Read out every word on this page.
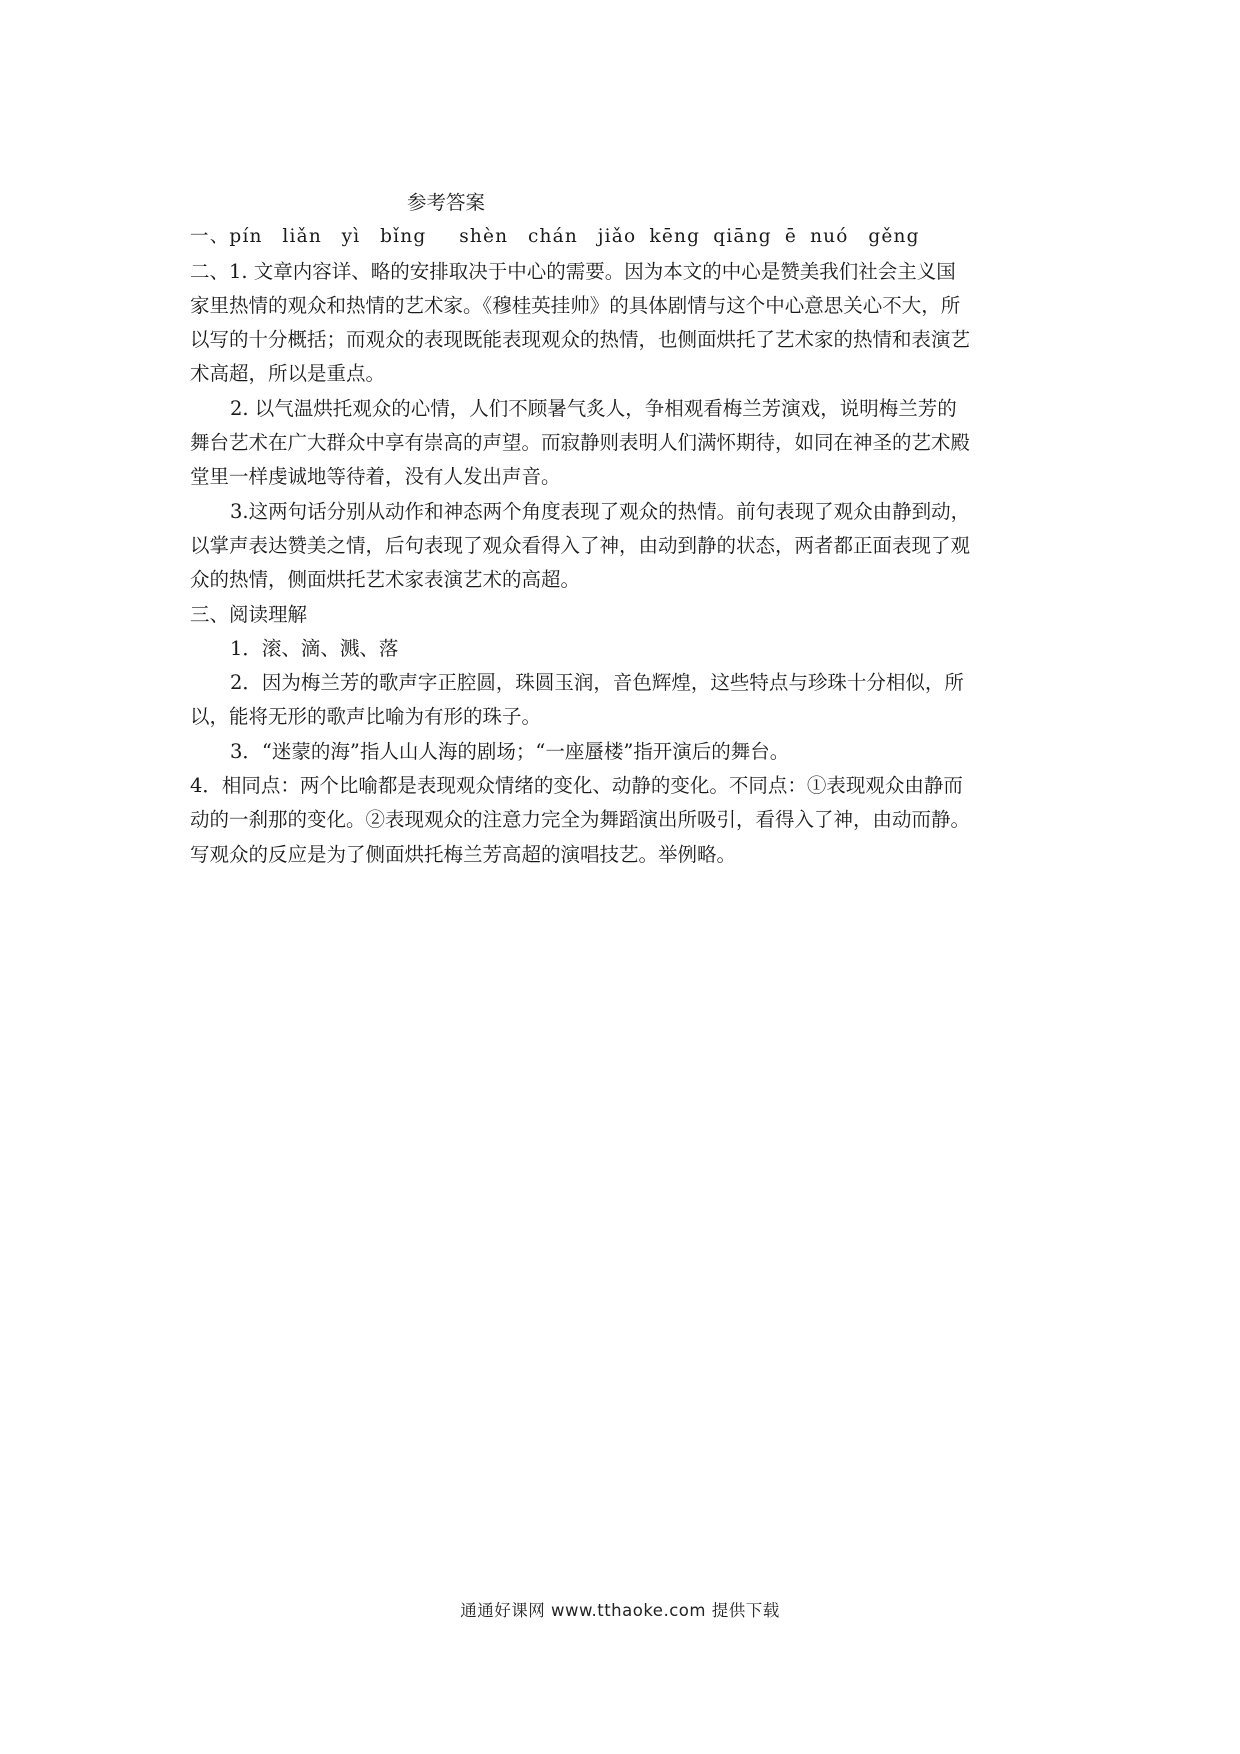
参考答案
一、pín　liǎn　yì　bǐng　 shèn　chán　jiǎo kēng qiāng ē nuó　gěng
二、1. 文章内容详、略的安排取决于中心的需要。因为本文的中心是赞美我们社会主义国
家里热情的观众和热情的艺术家。《穆桂英挂帅》的具体剧情与这个中心意思关心不大，所
以写的十分概括；而观众的表现既能表现观众的热情，也侧面烘托了艺术家的热情和表演艺
术高超，所以是重点。
2. 以气温烘托观众的心情，人们不顾暑气炙人，争相观看梅兰芳演戏，说明梅兰芳的
舞台艺术在广大群众中享有崇高的声望。而寂静则表明人们满怀期待，如同在神圣的艺术殿
堂里一样虔诚地等待着，没有人发出声音。
3.这两句话分别从动作和神态两个角度表现了观众的热情。前句表现了观众由静到动，
以掌声表达赞美之情，后句表现了观众看得入了神，由动到静的状态，两者都正面表现了观
众的热情，侧面烘托艺术家表演艺术的高超。
三、阅读理解
1．滚、滴、溅、落
2．因为梅兰芳的歌声字正腔圆，珠圆玉润，音色辉煌，这些特点与珍珠十分相似，所
以，能将无形的歌声比喻为有形的珠子。
3．“迷蒙的海”指人山人海的剧场；“一座蜃楼”指开演后的舞台。
4．相同点：两个比喻都是表现观众情绪的变化、动静的变化。不同点：①表现观众由静而
动的一刹那的变化。②表现观众的注意力完全为舞蹈演出所吸引，看得入了神，由动而静。
写观众的反应是为了侧面烘托梅兰芳高超的演唱技艺。举例略。
通通好课网 www.tthaoke.com 提供下载
